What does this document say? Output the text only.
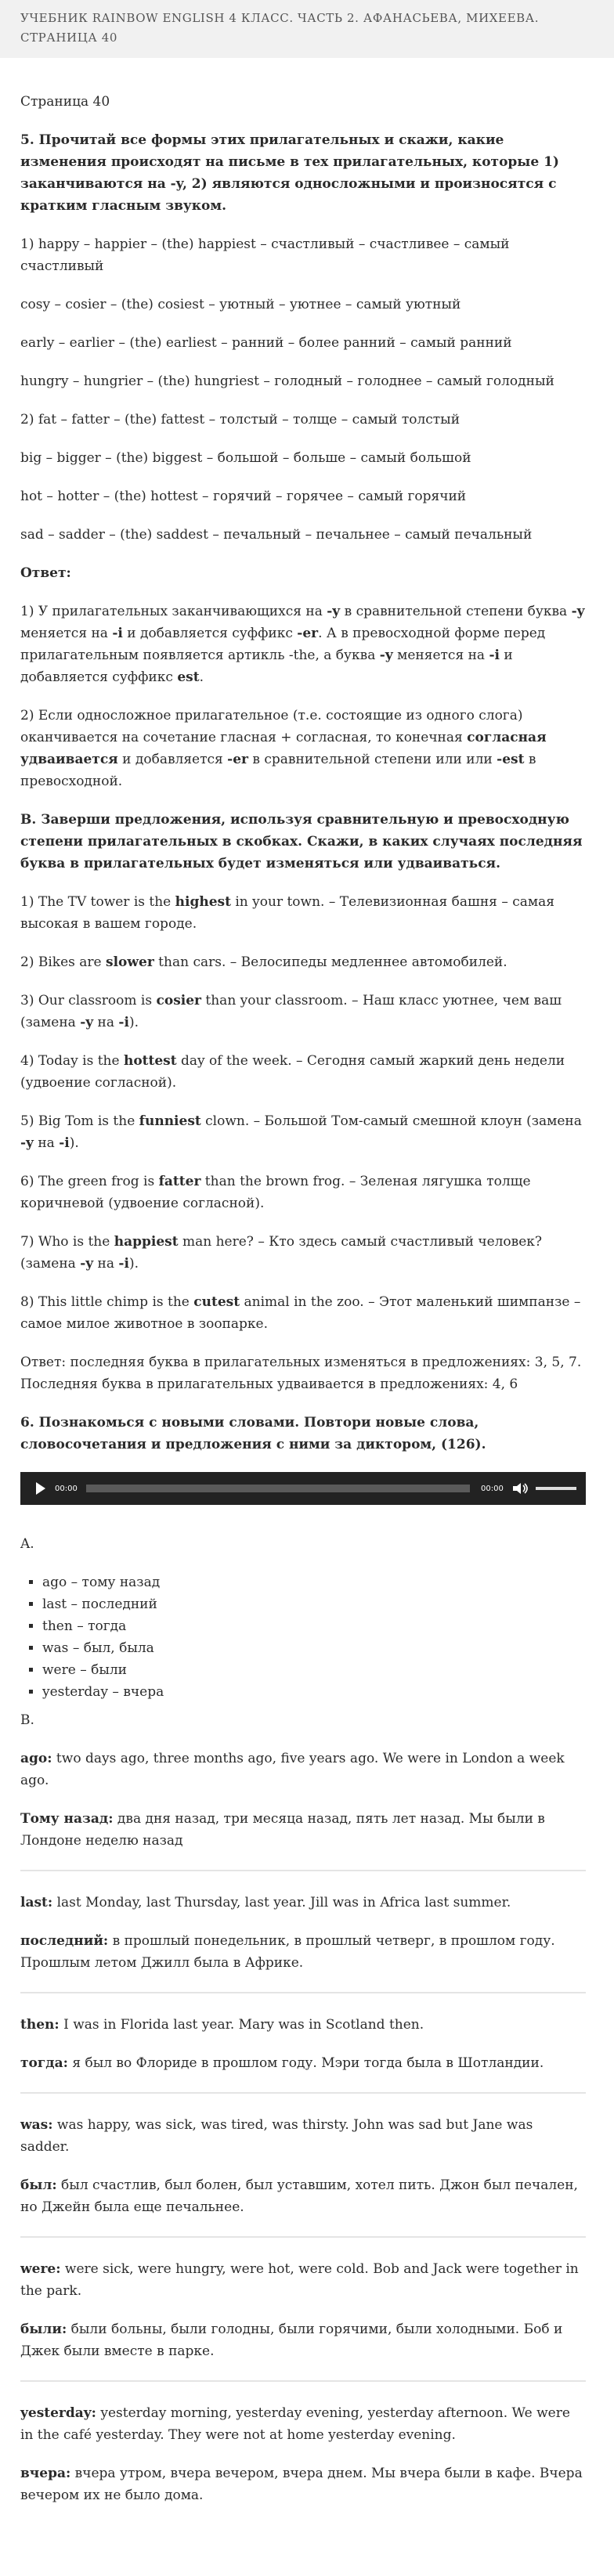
УЧЕБНИК RAINBOW ENGLISH 4 КЛАСС. ЧАСТЬ 2. АФАНАСЬЕВА, МИХЕЕВА. СТРАНИЦА 40

Страница 40

5. Прочитай все формы этих прилагательных и скажи, какие изменения происходят на письме в тех прилагательных, которые 1) заканчиваются на -y, 2) являются односложными и произносятся с кратким гласным звуком.

1) happy – happier – (the) happiest – счастливый – счастливее – самый счастливый

cosy – cosier – (the) cosiest – уютный – уютнее – самый уютный

early – earlier – (the) earliest – ранний – более ранний – самый ранний

hungry – hungrier – (the) hungriest – голодный – голоднее – самый голодный

2) fat – fatter – (the) fattest – толстый – толще – самый толстый

big – bigger – (the) biggest – большой – больше – самый большой

hot – hotter – (the) hottest – горячий – горячее – самый горячий

sad – sadder – (the) saddest – печальный – печальнее – самый печальный

Ответ:

1) У прилагательных заканчивающихся на -y в сравнительной степени буква -y меняется на -i и добавляется суффикс -er. А в превосходной форме перед прилагательным появляется артикль -the, а буква -y меняется на -i и добавляется суффикс est.

2) Если односложное прилагательное (т.е. состоящие из одного слога) оканчивается на сочетание гласная + согласная, то конечная согласная удваивается и добавляется -er в сравнительной степени или или -est в превосходной.

B. Заверши предложения, используя сравнительную и превосходную степени прилагательных в скобках. Скажи, в каких случаях последняя буква в прилагательных будет изменяться или удваиваться.

1) The TV tower is the highest in your town. – Телевизионная башня – самая высокая в вашем городе.

2) Bikes are slower than cars. – Велосипеды медленнее автомобилей.

3) Our classroom is cosier than your classroom. – Наш класс уютнее, чем ваш (замена -y на -i).

4) Today is the hottest day of the week. – Сегодня самый жаркий день недели (удвоение согласной).

5) Big Tom is the funniest clown. – Большой Том-самый смешной клоун (замена -y на -i).

6) The green frog is fatter than the brown frog. – Зеленая лягушка толще коричневой (удвоение согласной).

7) Who is the happiest man here? – Кто здесь самый счастливый человек? (замена -y на -i).

8) This little chimp is the cutest animal in the zoo. – Этот маленький шимпанзе – самое милое животное в зоопарке.

Ответ: последняя буква в прилагательных изменяться в предложениях: 3, 5, 7. Последняя буква в прилагательных удваивается в предложениях: 4, 6

6. Познакомься с новыми словами. Повтори новые слова, словосочетания и предложения с ними за диктором, (126).

00:00	00:00

A.

▪ ago – тому назад
▪ last – последний
▪ then – тогда
▪ was – был, была
▪ were – были
▪ yesterday – вчера

B.

ago: two days ago, three months ago, five years ago. We were in London a week ago.

Тому назад: два дня назад, три месяца назад, пять лет назад. Мы были в Лондоне неделю назад

last: last Monday, last Thursday, last year. Jill was in Africa last summer.

последний: в прошлый понедельник, в прошлый четверг, в прошлом году. Прошлым летом Джилл была в Африке.

then: I was in Florida last year. Mary was in Scotland then.

тогда: я был во Флориде в прошлом году. Мэри тогда была в Шотландии.

was: was happy, was sick, was tired, was thirsty. John was sad but Jane was sadder.

был: был счастлив, был болен, был уставшим, хотел пить. Джон был печален, но Джейн была еще печальнее.

were: were sick, were hungry, were hot, were cold. Bob and Jack were together in the park.

были: были больны, были голодны, были горячими, были холодными. Боб и Джек были вместе в парке.

yesterday: yesterday morning, yesterday evening, yesterday afternoon. We were in the café yesterday. They were not at home yesterday evening.

вчера: вчера утром, вчера вечером, вчера днем. Мы вчера были в кафе. Вчера вечером их не было дома.
